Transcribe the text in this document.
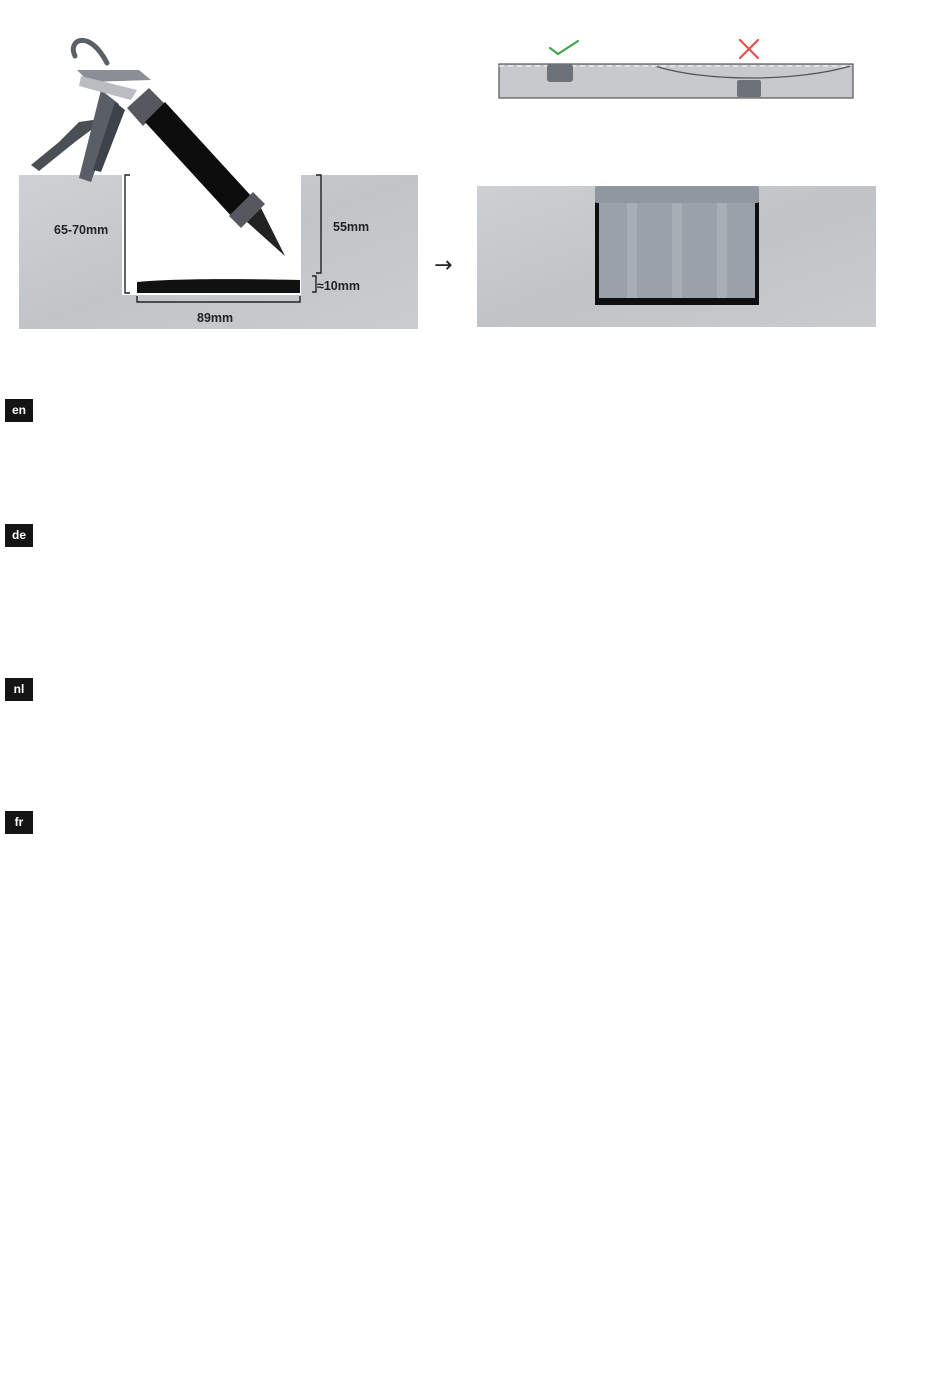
65-70mm	55mm
≈10mm
89mm
→
en
de
nl
fr
